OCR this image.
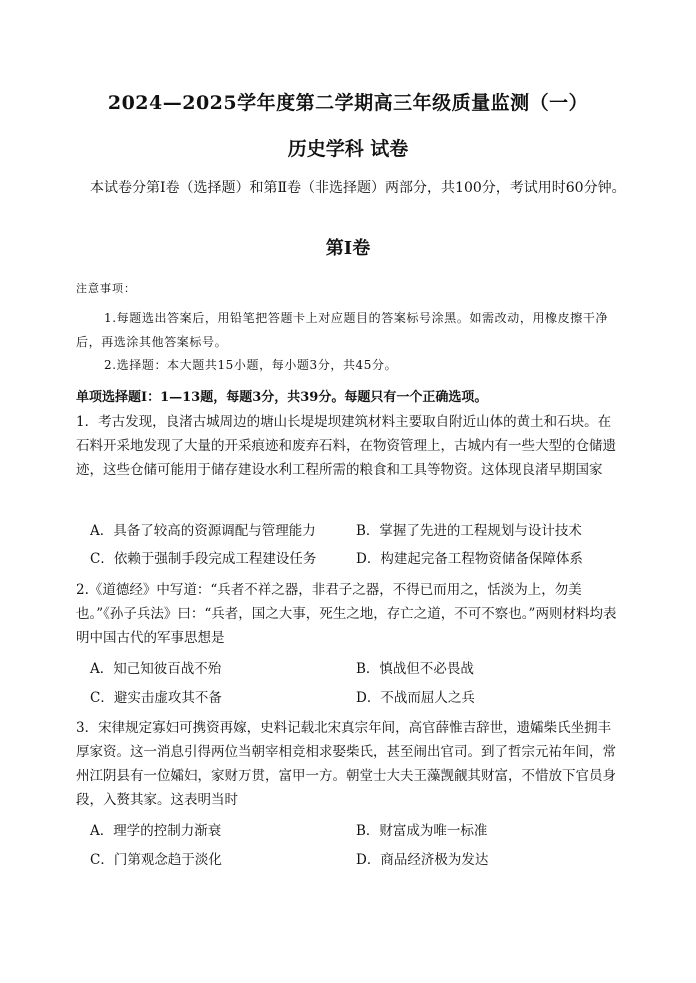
2024—2025学年度第二学期高三年级质量监测（一）
历史学科 试卷
本试卷分第Ⅰ卷（选择题）和第Ⅱ卷（非选择题）两部分，共100分，考试用时60分钟。
第Ⅰ卷
注意事项：
1.每题选出答案后，用铅笔把答题卡上对应题目的答案标号涂黑。如需改动，用橡皮擦干净后，再选涂其他答案标号。
2.选择题：本大题共15小题，每小题3分，共45分。
单项选择题Ⅰ：1—13题，每题3分，共39分。每题只有一个正确选项。
1．考古发现，良渚古城周边的塘山长堤堤坝建筑材料主要取自附近山体的黄土和石块。在石料开采地发现了大量的开采痕迹和废弃石料，在物资管理上，古城内有一些大型的仓储遗迹，这些仓储可能用于储存建设水利工程所需的粮食和工具等物资。这体现良渚早期国家
A．具备了较高的资源调配与管理能力	B．掌握了先进的工程规划与设计技术
C．依赖于强制手段完成工程建设任务	D．构建起完备工程物资储备保障体系
2.《道德经》中写道：“兵者不祥之器，非君子之器，不得已而用之，恬淡为上，勿美也。”《孙子兵法》曰：“兵者，国之大事，死生之地，存亡之道，不可不察也。”两则材料均表明中国古代的军事思想是
A．知己知彼百战不殆	B．慎战但不必畏战
C．避实击虚攻其不备	D．不战而屈人之兵
3．宋律规定寡妇可携资再嫁，史料记载北宋真宗年间，高官薛惟吉辞世，遗孀柴氏坐拥丰厚家资。这一消息引得两位当朝宰相竞相求娶柴氏，甚至闹出官司。到了哲宗元祐年间，常州江阴县有一位孀妇，家财万贯，富甲一方。朝堂士大夫王藻觊觎其财富，不惜放下官员身段，入赘其家。这表明当时
A．理学的控制力渐衰	B．财富成为唯一标准
C．门第观念趋于淡化	D．商品经济极为发达
